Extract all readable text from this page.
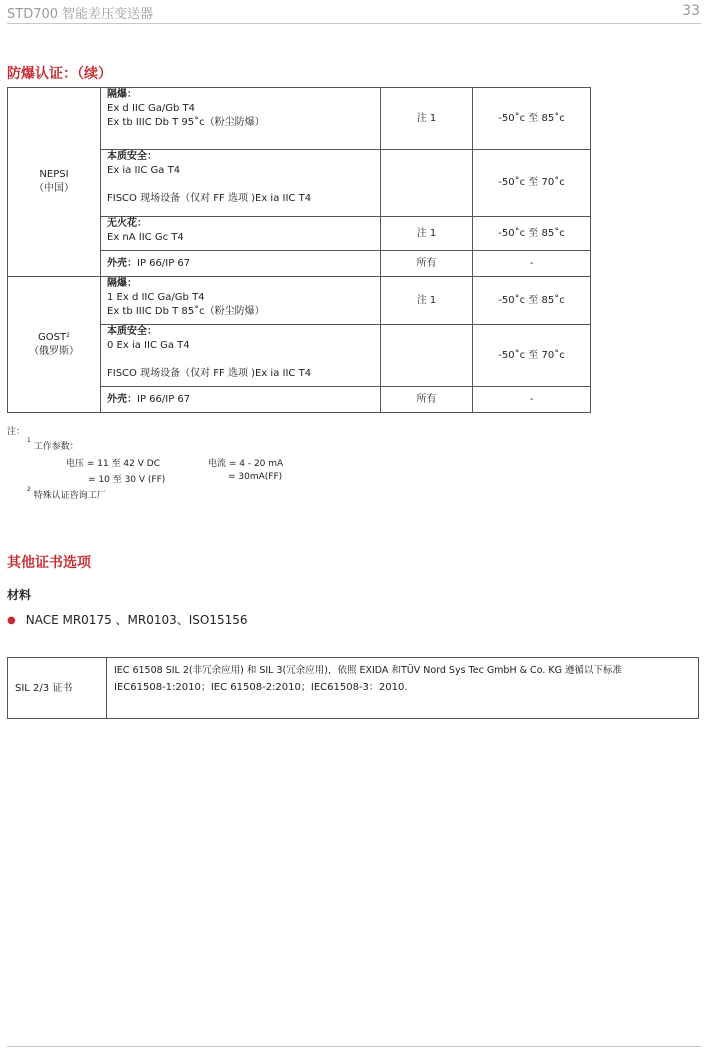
STD700 智能差压变送器	33
防爆认证：（续）
NEPSI
（中国）	隔爆：
Ex d IIC Ga/Gb T4
Ex tb IIIC Db T 95˚c（粉尘防爆）	注 1	-50˚c 至 85˚c

	本质安全：
Ex ia IIC Ga T4
FISCO 现场设备（仅对 FF 选项 )Ex ia IIC T4		-50˚c 至 70˚c

	无火花：
Ex nA IIC Gc T4	注 1	-50˚c 至 85˚c
	外壳：IP 66/IP 67	所有	-

GOST$^2$
（俄罗斯）	隔爆：
1 Ex d IIC Ga/Gb T4
Ex tb IIIC Db T 85˚c（粉尘防爆）	注 1	-50˚c 至 85˚c

	本质安全：
0 Ex ia IIC Ga T4
FISCO 现场设备（仅对 FF 选项 )Ex ia IIC T4		-50˚c 至 70˚c
	外壳：IP 66/IP 67	所有	-
注：
$^1$ 工作参数：
电压 = 11 至 42 V DC	电流 = 4 - 20 mA
= 10 至 30 V (FF)	= 30mA(FF)
$^2$ 特殊认证咨询工厂
其他证书选项
材料
● NACE MR0175 、MR0103、ISO15156
SIL 2/3 证书	
IEC 61508 SIL 2(非冗余应用) 和 SIL 3(冗余应用)，依照 EXIDA 和TÜV Nord Sys Tec GmbH & Co. KG 遵循以下标准
IEC61508-1:2010；IEC 61508-2:2010；IEC61508-3：2010.
